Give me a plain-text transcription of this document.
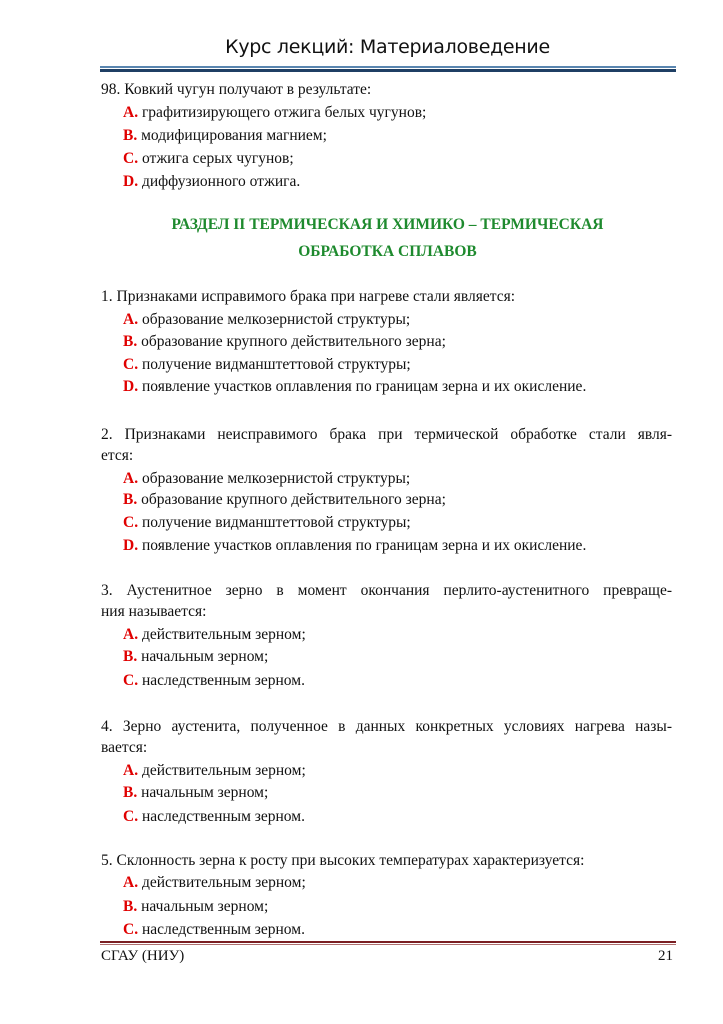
Курс лекций: Материаловедение
РАЗДЕЛ II ТЕРМИЧЕСКАЯ И ХИМИКО – ТЕРМИЧЕСКАЯ
ОБРАБОТКА СПЛАВОВ
СГАУ (НИУ)	21
98. Ковкий чугун получают в результате:
A. графитизирующего отжига белых чугунов;
B. модифицирования магнием;
C. отжига серых чугунов;
D. диффузионного отжига.
1. Признаками исправимого брака при нагреве стали является:
A. образование мелкозернистой структуры;
B. образование крупного действительного зерна;
C. получение видманштеттовой структуры;
D. появление участков оплавления по границам зерна и их окисление.
2. Признаками неисправимого брака при термической обработке стали явля-
ется:
A. образование мелкозернистой структуры;
B. образование крупного действительного зерна;
C. получение видманштеттовой структуры;
D. появление участков оплавления по границам зерна и их окисление.
3. Аустенитное зерно в момент окончания перлито-аустенитного превраще-
ния называется:
A. действительным зерном;
B. начальным зерном;
C. наследственным зерном.
4. Зерно аустенита, полученное в данных конкретных условиях нагрева назы-
вается:
A. действительным зерном;
B. начальным зерном;
C. наследственным зерном.
5. Склонность зерна к росту при высоких температурах характеризуется:
A. действительным зерном;
B. начальным зерном;
C. наследственным зерном.
